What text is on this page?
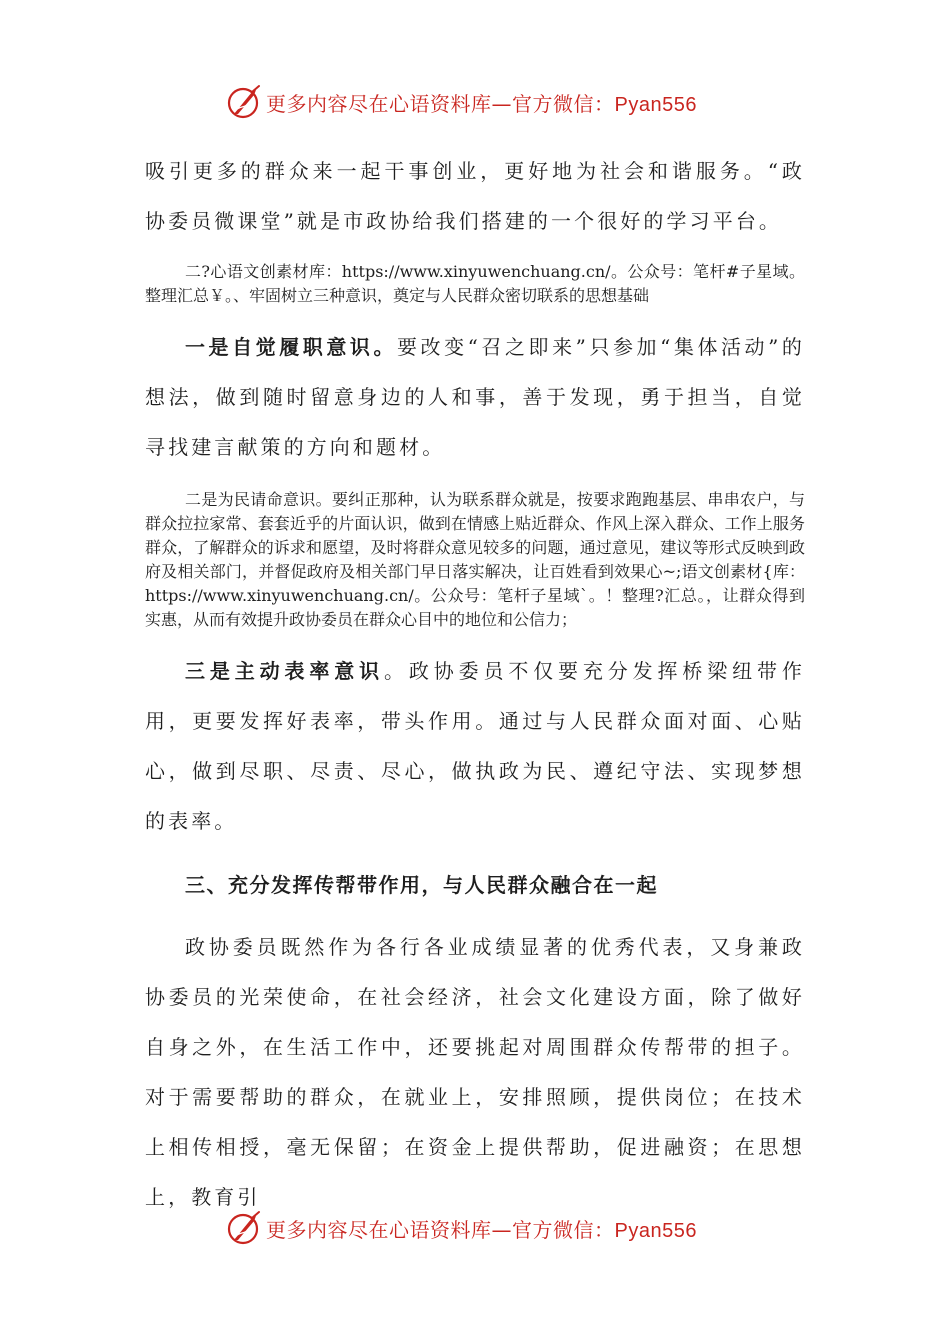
更多内容尽在心语资料库—官方微信：Pyan556

吸引更多的群众来一起干事创业，更好地为社会和谐服务。“政协委员微课堂”就是市政协给我们搭建的一个很好的学习平台。

二?心语文创素材库：https://www.xinyuwenchuang.cn/。公众号：笔杆#子星域。整理汇总￥。、牢固树立三种意识，奠定与人民群众密切联系的思想基础

一是自觉履职意识。要改变“召之即来”只参加“集体活动”的想法，做到随时留意身边的人和事，善于发现，勇于担当，自觉寻找建言献策的方向和题材。

二是为民请命意识。要纠正那种，认为联系群众就是，按要求跑跑基层、串串农户，与群众拉拉家常、套套近乎的片面认识，做到在情感上贴近群众、作风上深入群众、工作上服务群众，了解群众的诉求和愿望，及时将群众意见较多的问题，通过意见，建议等形式反映到政府及相关部门，并督促政府及相关部门早日落实解决，让百姓看到效果心~;语文创素材{库：https://www.xinyuwenchuang.cn/。公众号：笔杆子星域`。！整理?汇总。，让群众得到实惠，从而有效提升政协委员在群众心目中的地位和公信力；

三是主动表率意识。政协委员不仅要充分发挥桥梁纽带作用，更要发挥好表率，带头作用。通过与人民群众面对面、心贴心，做到尽职、尽责、尽心，做执政为民、遵纪守法、实现梦想的表率。

三、充分发挥传帮带作用，与人民群众融合在一起

政协委员既然作为各行各业成绩显著的优秀代表，又身兼政协委员的光荣使命，在社会经济，社会文化建设方面，除了做好自身之外，在生活工作中，还要挑起对周围群众传帮带的担子。对于需要帮助的群众，在就业上，安排照顾，提供岗位；在技术上相传相授，毫无保留；在资金上提供帮助，促进融资；在思想上，教育引

更多内容尽在心语资料库—官方微信：Pyan556
